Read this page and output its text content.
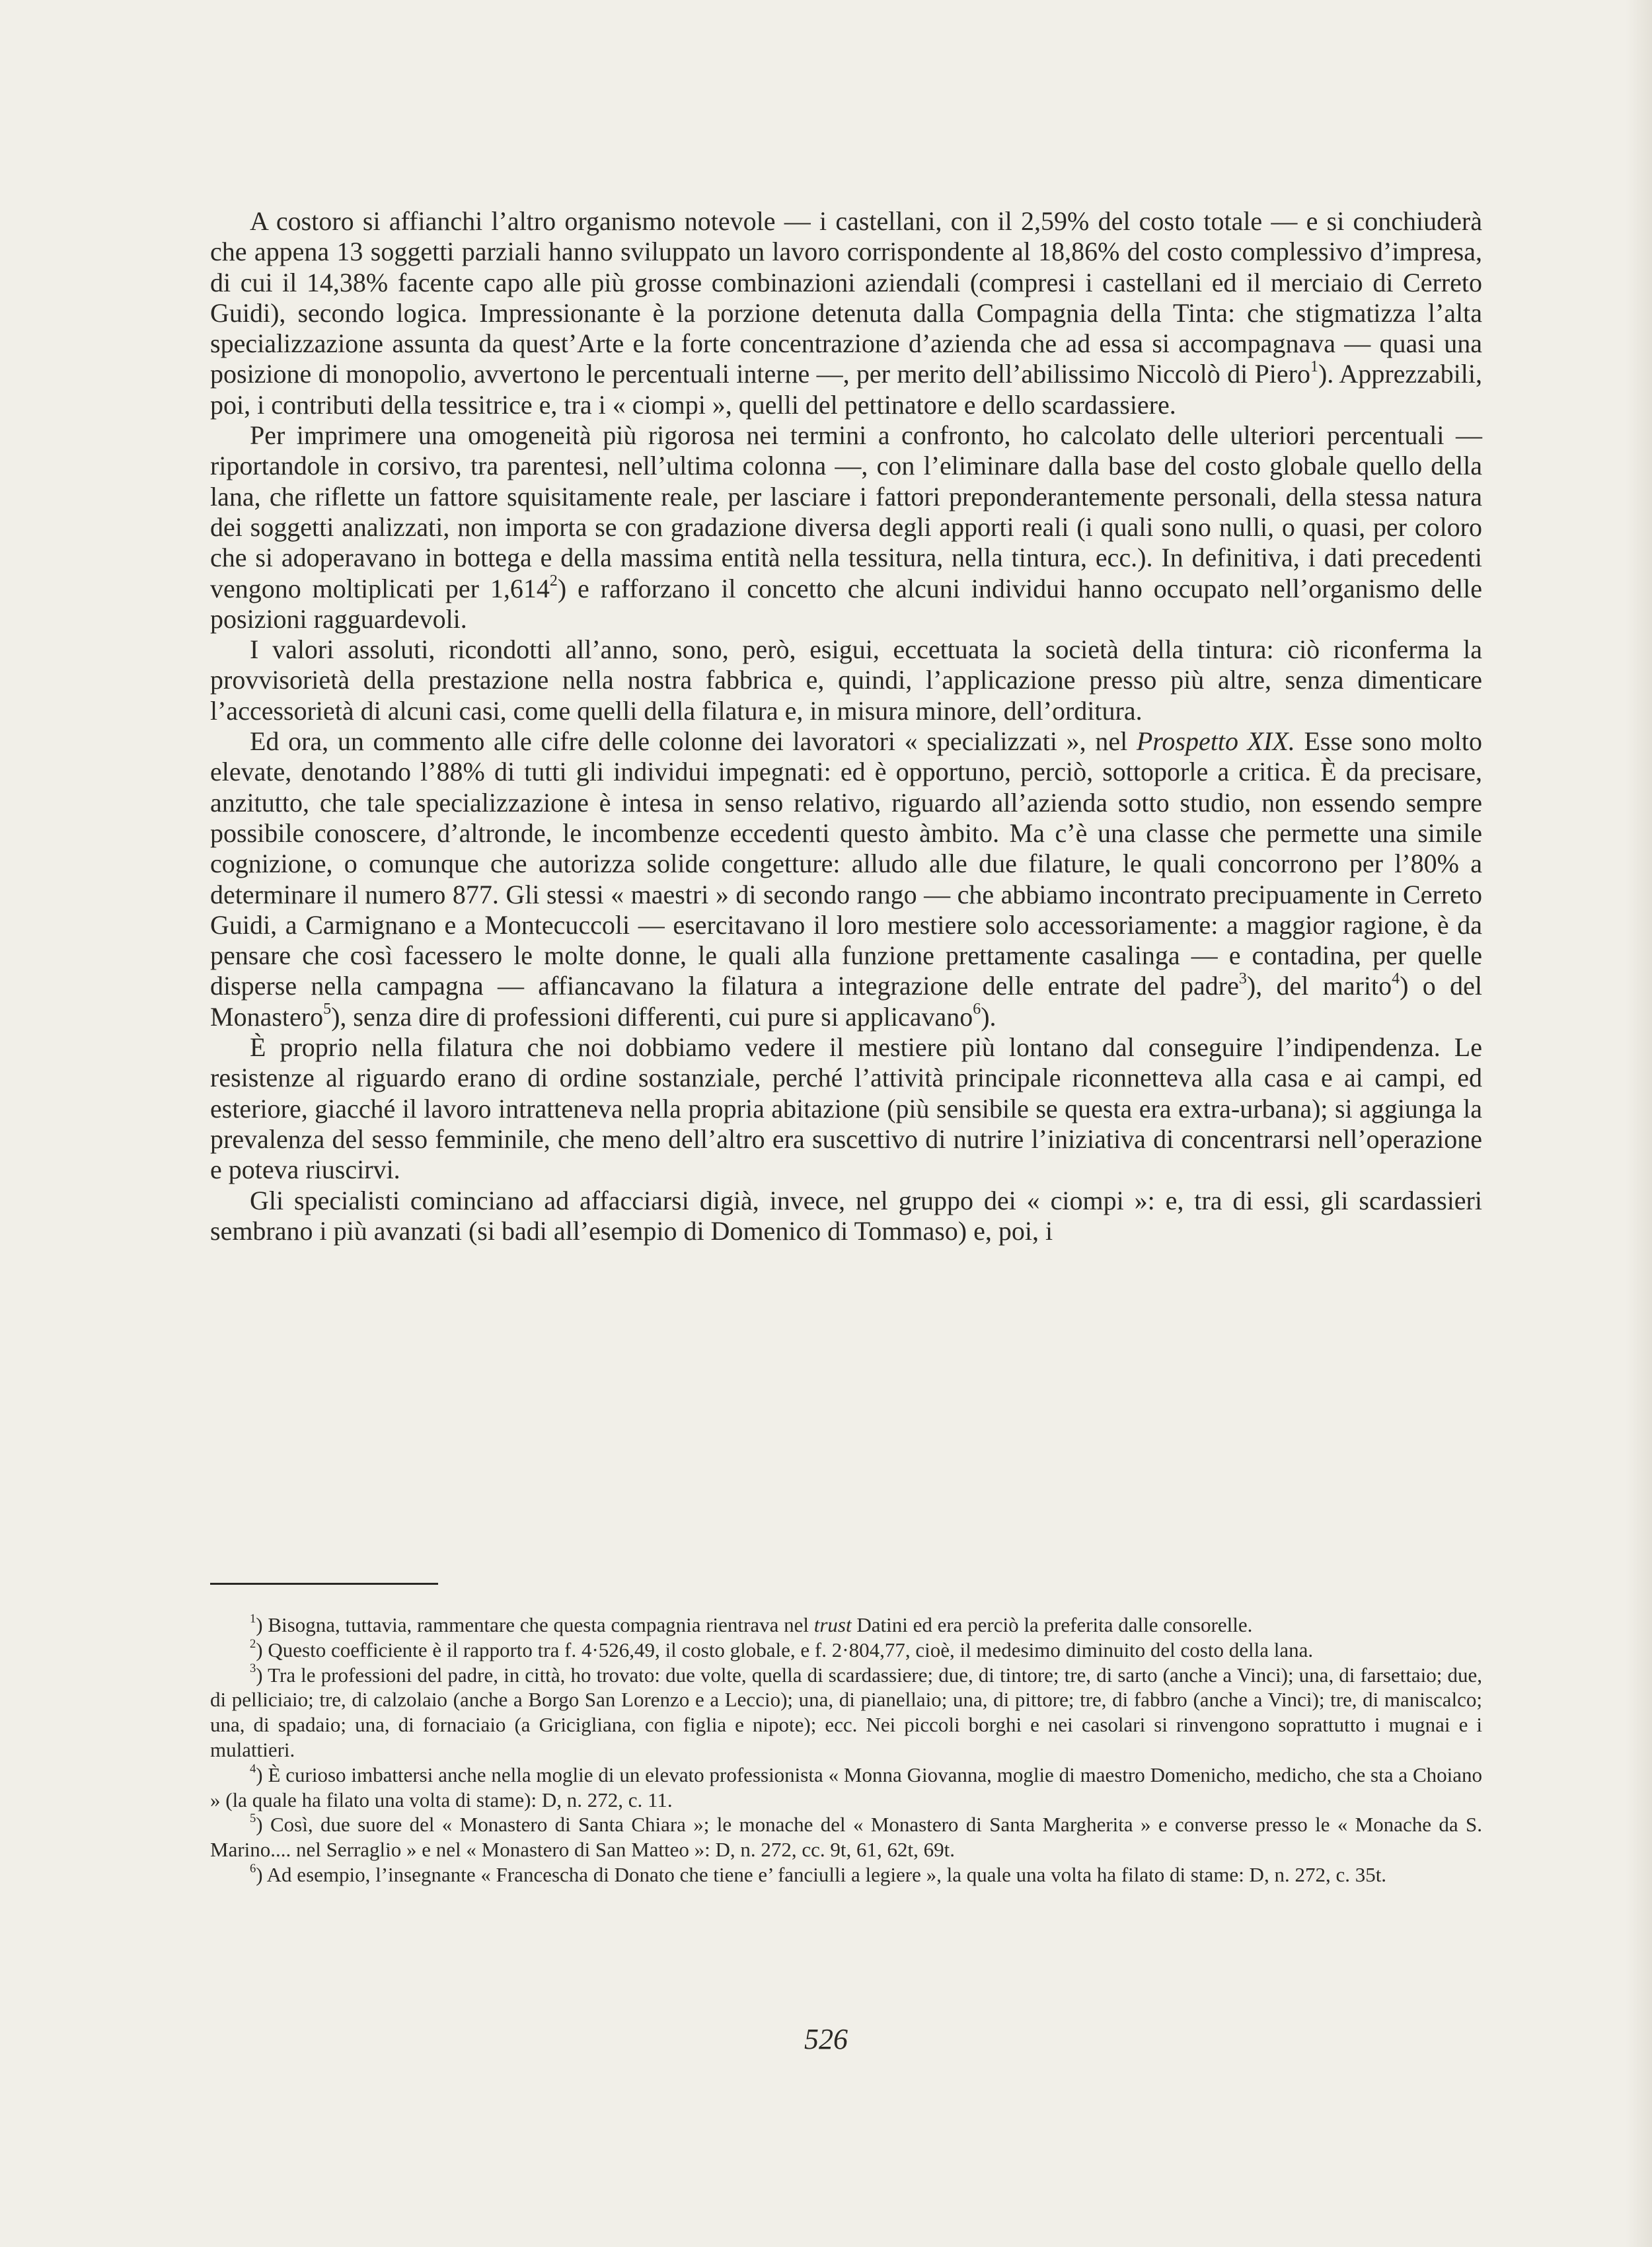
A costoro si affianchi l’altro organismo notevole — i castellani, con il 2,59% del costo totale — e si conchiuderà che appena 13 soggetti parziali hanno sviluppato un lavoro corrispondente al 18,86% del costo complessivo d’impresa, di cui il 14,38% facente capo alle più grosse combinazioni aziendali (compresi i castellani ed il merciaio di Cerreto Guidi), secondo logica. Impressionante è la porzione detenuta dalla Compagnia della Tinta: che stigmatizza l’alta specializzazione assunta da quest’Arte e la forte concentrazione d’azienda che ad essa si accompagnava — quasi una posizione di monopolio, avvertono le percentuali interne —, per merito dell’abilissimo Niccolò di Piero$^1$). Apprezzabili, poi, i contributi della tessitrice e, tra i « ciompi », quelli del pettinatore e dello scardassiere.

Per imprimere una omogeneità più rigorosa nei termini a confronto, ho calcolato delle ulteriori percentuali — riportandole in corsivo, tra parentesi, nell’ultima colonna —, con l’eliminare dalla base del costo globale quello della lana, che riflette un fattore squisitamente reale, per lasciare i fattori preponderantemente personali, della stessa natura dei soggetti analizzati, non importa se con gradazione diversa degli apporti reali (i quali sono nulli, o quasi, per coloro che si adoperavano in bottega e della massima entità nella tessitura, nella tintura, ecc.). In definitiva, i dati precedenti vengono moltiplicati per 1,614$^2$) e rafforzano il concetto che alcuni individui hanno occupato nell’organismo delle posizioni ragguardevoli.

I valori assoluti, ricondotti all’anno, sono, però, esigui, eccettuata la società della tintura: ciò riconferma la provvisorietà della prestazione nella nostra fabbrica e, quindi, l’applicazione presso più altre, senza dimenticare l’accessorietà di alcuni casi, come quelli della filatura e, in misura minore, dell’orditura.

Ed ora, un commento alle cifre delle colonne dei lavoratori « specializzati », nel Prospetto XIX. Esse sono molto elevate, denotando l’88% di tutti gli individui impegnati: ed è opportuno, perciò, sottoporle a critica. È da precisare, anzitutto, che tale specializzazione è intesa in senso relativo, riguardo all’azienda sotto studio, non essendo sempre possibile conoscere, d’altronde, le incombenze eccedenti questo àmbito. Ma c’è una classe che permette una simile cognizione, o comunque che autorizza solide congetture: alludo alle due filature, le quali concorrono per l’80% a determinare il numero 877. Gli stessi « maestri » di secondo rango — che abbiamo incontrato precipuamente in Cerreto Guidi, a Carmignano e a Montecuccoli — esercitavano il loro mestiere solo accessoriamente: a maggior ragione, è da pensare che così facessero le molte donne, le quali alla funzione prettamente casalinga — e contadina, per quelle disperse nella campagna — affiancavano la filatura a integrazione delle entrate del padre$^3$), del marito$^4$) o del Monastero$^5$), senza dire di professioni differenti, cui pure si applicavano$^6$).

È proprio nella filatura che noi dobbiamo vedere il mestiere più lontano dal conseguire l’indipendenza. Le resistenze al riguardo erano di ordine sostanziale, perché l’attività principale riconnetteva alla casa e ai campi, ed esteriore, giacché il lavoro intratteneva nella propria abitazione (più sensibile se questa era extra-urbana); si aggiunga la prevalenza del sesso femminile, che meno dell’altro era suscettivo di nutrire l’iniziativa di concentrarsi nell’operazione e poteva riuscirvi.

Gli specialisti cominciano ad affacciarsi digià, invece, nel gruppo dei « ciompi »: e, tra di essi, gli scardassieri sembrano i più avanzati (si badi all’esempio di Domenico di Tommaso) e, poi, i

$^1$) Bisogna, tuttavia, rammentare che questa compagnia rientrava nel trust Datini ed era perciò la preferita dalle consorelle.

$^2$) Questo coefficiente è il rapporto tra f. 4·526,49, il costo globale, e f. 2·804,77, cioè, il medesimo diminuito del costo della lana.

$^3$) Tra le professioni del padre, in città, ho trovato: due volte, quella di scardassiere; due, di tintore; tre, di sarto (anche a Vinci); una, di farsettaio; due, di pelliciaio; tre, di calzolaio (anche a Borgo San Lorenzo e a Leccio); una, di pianellaio; una, di pittore; tre, di fabbro (anche a Vinci); tre, di maniscalco; una, di spadaio; una, di fornaciaio (a Gricigliana, con figlia e nipote); ecc. Nei piccoli borghi e nei casolari si rinvengono soprattutto i mugnai e i mulattieri.

$^4$) È curioso imbattersi anche nella moglie di un elevato professionista « Monna Giovanna, moglie di maestro Domenicho, medicho, che sta a Choiano » (la quale ha filato una volta di stame): D, n. 272, c. 11.

$^5$) Così, due suore del « Monastero di Santa Chiara »; le monache del « Monastero di Santa Margherita » e converse presso le « Monache da S. Marino.... nel Serraglio » e nel « Monastero di San Matteo »: D, n. 272, cc. 9t, 61, 62t, 69t.

$^6$) Ad esempio, l’insegnante « Francescha di Donato che tiene e’ fanciulli a legiere », la quale una volta ha filato di stame: D, n. 272, c. 35t.

526
